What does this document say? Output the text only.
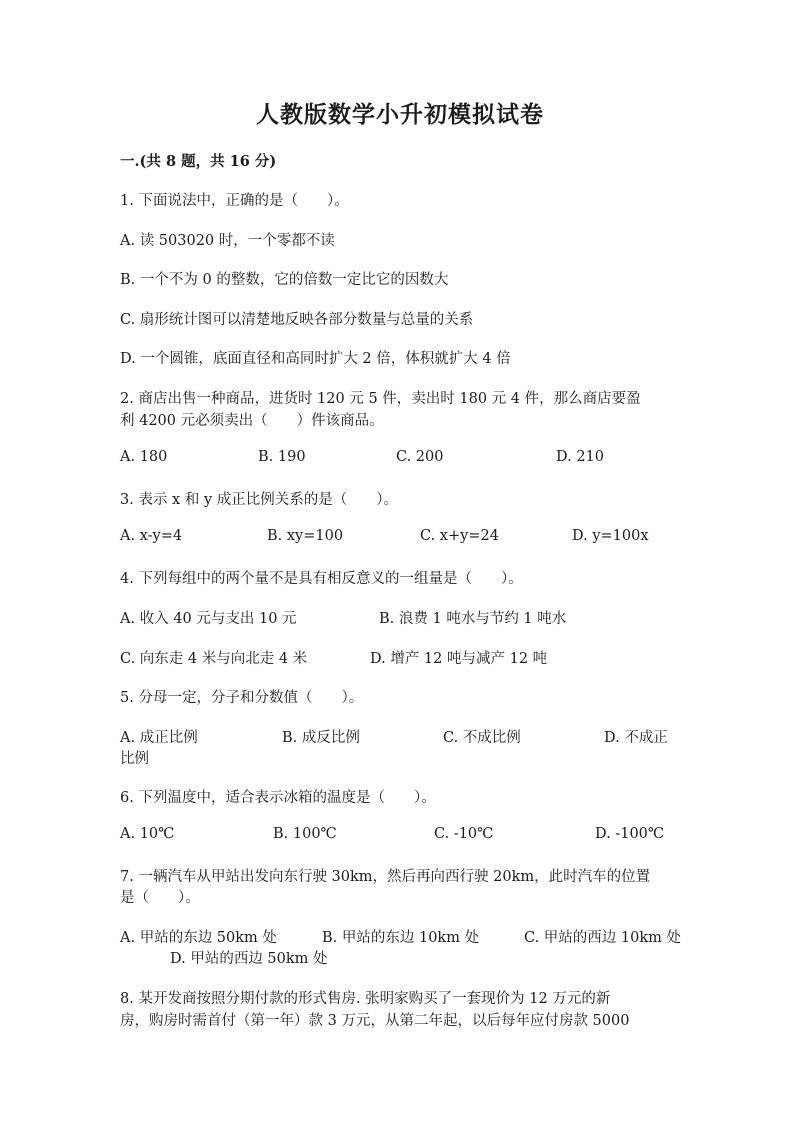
人教版数学小升初模拟试卷
一.(共 8 题，共 16 分)
1. 下面说法中，正确的是（　　）。
A. 读 503020 时，一个零都不读
B. 一个不为 0 的整数，它的倍数一定比它的因数大
C. 扇形统计图可以清楚地反映各部分数量与总量的关系
D. 一个圆锥，底面直径和高同时扩大 2 倍，体积就扩大 4 倍
2. 商店出售一种商品，进货时 120 元 5 件，卖出时 180 元 4 件，那么商店要盈
利 4200 元必须卖出（　　）件该商品。
A. 180	B. 190	C. 200	D. 210
3. 表示 x 和 y 成正比例关系的是（　　）。
A. x-y=4	B. xy=100	C. x+y=24	D. y=100x
4. 下列每组中的两个量不是具有相反意义的一组量是（　　）。
A. 收入 40 元与支出 10 元	B. 浪费 1 吨水与节约 1 吨水
C. 向东走 4 米与向北走 4 米	D. 增产 12 吨与减产 12 吨
5. 分母一定，分子和分数值（　　）。
A. 成正比例	B. 成反比例	C. 不成比例	D. 不成正
比例
6. 下列温度中，适合表示冰箱的温度是（　　）。
A. 10℃	B. 100℃	C. -10℃	D. -100℃
7. 一辆汽车从甲站出发向东行驶 30km，然后再向西行驶 20km，此时汽车的位置
是（　　）。
A. 甲站的东边 50km 处	B. 甲站的东边 10km 处	C. 甲站的西边 10km 处
D. 甲站的西边 50km 处
8. 某开发商按照分期付款的形式售房. 张明家购买了一套现价为 12 万元的新
房，购房时需首付（第一年）款 3 万元，从第二年起，以后每年应付房款 5000
